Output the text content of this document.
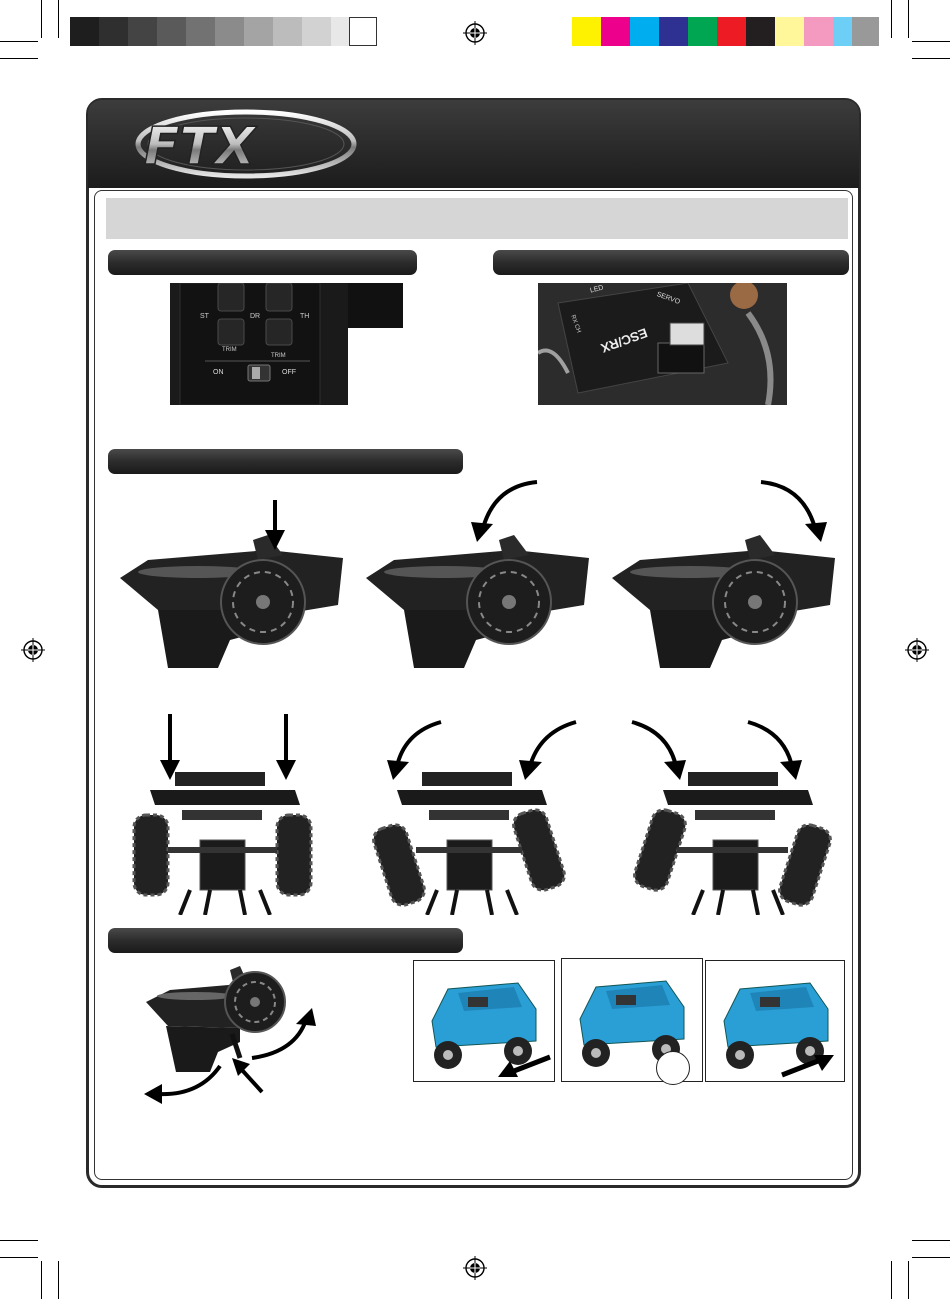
FTX
ST	DR	TH
TRIM
TRIM
ON	OFF
LED
SERVO
ESC/RX
RX CH
